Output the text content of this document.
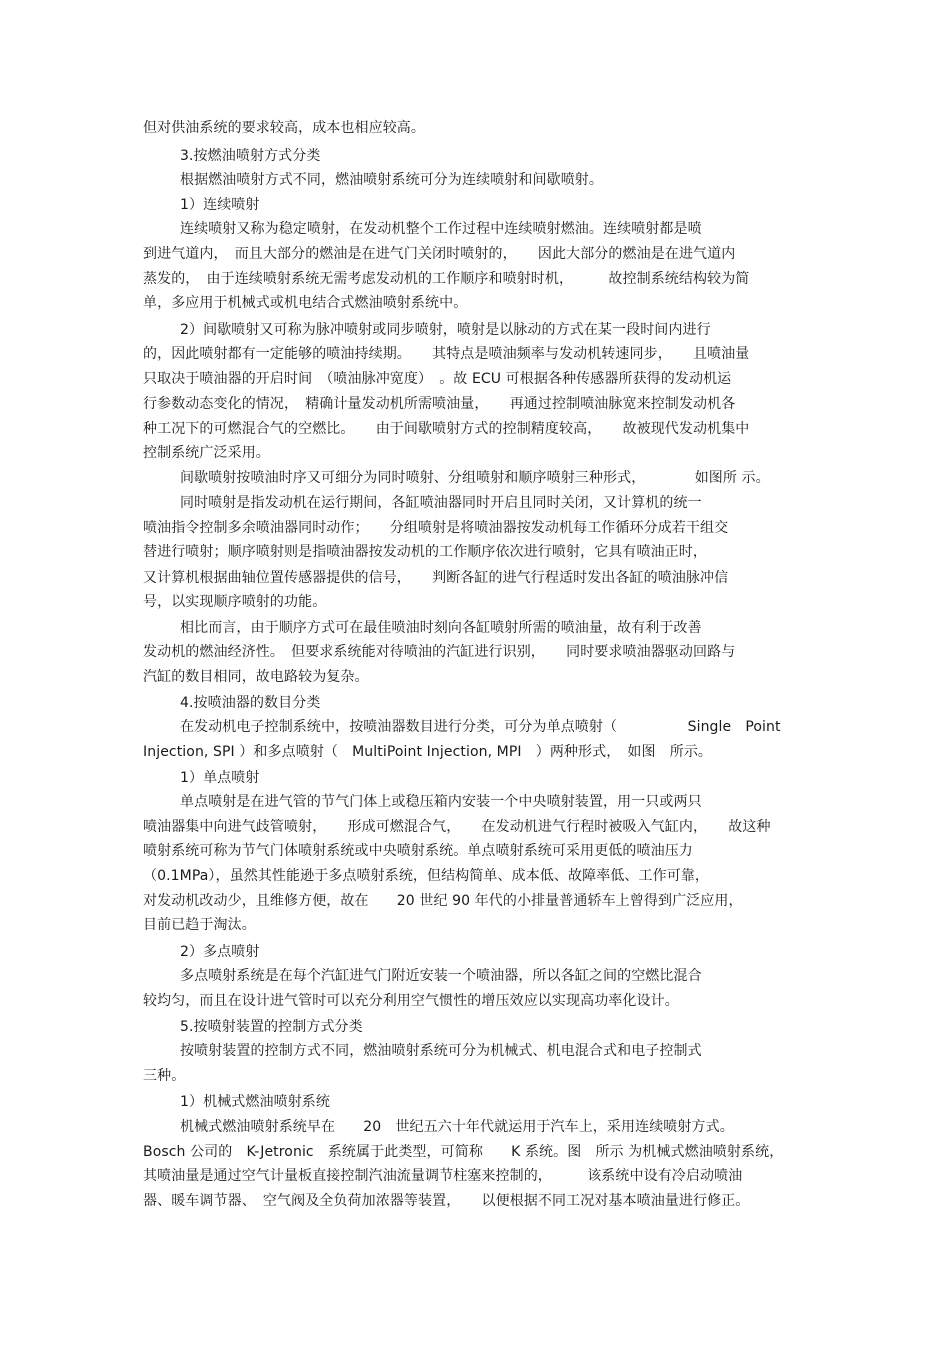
但对供油系统的要求较高，成本也相应较高。

3.按燃油喷射方式分类

根据燃油喷射方式不同，燃油喷射系统可分为连续喷射和间歇喷射。

1）连续喷射

连续喷射又称为稳定喷射，在发动机整个工作过程中连续喷射燃油。连续喷射都是喷

到进气道内，　而且大部分的燃油是在进气门关闭时喷射的，　　因此大部分的燃油是在进气道内

蒸发的，　由于连续喷射系统无需考虑发动机的工作顺序和喷射时机，　　　故控制系统结构较为简

单，多应用于机械式或机电结合式燃油喷射系统中。

2）间歇喷射又可称为脉冲喷射或同步喷射，喷射是以脉动的方式在某一段时间内进行

的，因此喷射都有一定能够的喷油持续期。　　其特点是喷油频率与发动机转速同步，　　且喷油量

只取决于喷油器的开启时间　（喷油脉冲宽度）　。故 ECU 可根据各种传感器所获得的发动机运

行参数动态变化的情况，　精确计量发动机所需喷油量，　　再通过控制喷油脉宽来控制发动机各

种工况下的可燃混合气的空燃比。　　由于间歇喷射方式的控制精度较高，　　故被现代发动机集中

控制系统广泛采用。

间歇喷射按喷油时序又可细分为同时喷射、分组喷射和顺序喷射三种形式，　　　　如图所 示。

同时喷射是指发动机在运行期间，各缸喷油器同时开启且同时关闭，又计算机的统一

喷油指令控制多余喷油器同时动作；　　分组喷射是将喷油器按发动机每工作循环分成若干组交

替进行喷射；顺序喷射则是指喷油器按发动机的工作顺序依次进行喷射，它具有喷油正时，

又计算机根据曲轴位置传感器提供的信号，　　判断各缸的进气行程适时发出各缸的喷油脉冲信

号，以实现顺序喷射的功能。

相比而言，由于顺序方式可在最佳喷油时刻向各缸喷射所需的喷油量，故有利于改善

发动机的燃油经济性。　但要求系统能对待喷油的汽缸进行识别，　　同时要求喷油器驱动回路与

汽缸的数目相同，故电路较为复杂。

4.按喷油器的数目分类

在发动机电子控制系统中，按喷油器数目进行分类，可分为单点喷射（　　　　　Single　Point

Injection, SPI ）和多点喷射（　MultiPoint Injection, MPI　）两种形式，　如图　所示。

1）单点喷射

单点喷射是在进气管的节气门体上或稳压箱内安装一个中央喷射装置，用一只或两只

喷油器集中向进气歧管喷射，　　形成可燃混合气，　　在发动机进气行程时被吸入气缸内，　　故这种

喷射系统可称为节气门体喷射系统或中央喷射系统。单点喷射系统可采用更低的喷油压力

（0.1MPa），虽然其性能逊于多点喷射系统，但结构简单、成本低、故障率低、工作可靠，

对发动机改动少，且维修方便，故在　　20 世纪 90 年代的小排量普通轿车上曾得到广泛应用，

目前已趋于淘汰。

2）多点喷射

多点喷射系统是在每个汽缸进气门附近安装一个喷油器，所以各缸之间的空燃比混合

较均匀，而且在设计进气管时可以充分利用空气惯性的增压效应以实现高功率化设计。

5.按喷射装置的控制方式分类

按喷射装置的控制方式不同，燃油喷射系统可分为机械式、机电混合式和电子控制式

三种。

1）机械式燃油喷射系统

机械式燃油喷射系统早在　　20　世纪五六十年代就运用于汽车上，采用连续喷射方式。

Bosch 公司的　K-Jetronic　系统属于此类型，可简称　　K 系统。图　所示 为机械式燃油喷射系统，

其喷油量是通过空气计量板直接控制汽油流量调节柱塞来控制的，　　　该系统中设有冷启动喷油

器、暖车调节器、　空气阀及全负荷加浓器等装置，　　以便根据不同工况对基本喷油量进行修正。
